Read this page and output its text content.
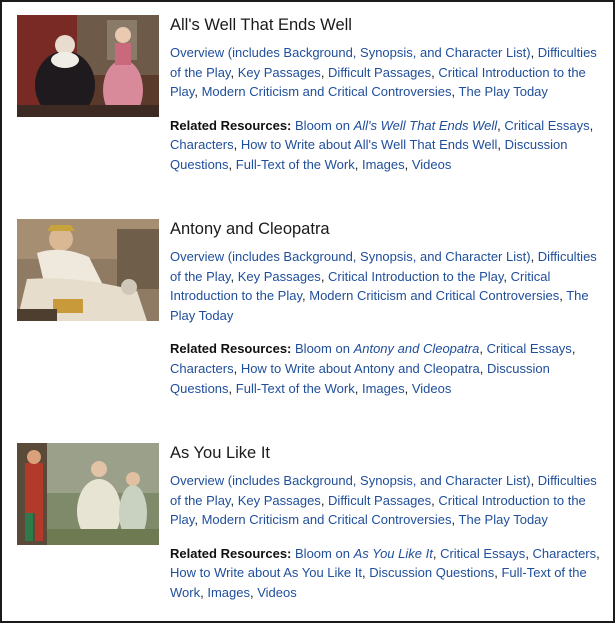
All's Well That Ends Well

Overview (includes Background, Synopsis, and Character List), Difficulties of the Play, Key Passages, Difficult Passages, Critical Introduction to the Play, Modern Criticism and Critical Controversies, The Play Today

Related Resources: Bloom on All's Well That Ends Well, Critical Essays, Characters, How to Write about All's Well That Ends Well, Discussion Questions, Full-Text of the Work, Images, Videos

Antony and Cleopatra

Overview (includes Background, Synopsis, and Character List), Difficulties of the Play, Key Passages, Critical Introduction to the Play, Critical Introduction to the Play, Modern Criticism and Critical Controversies, The Play Today

Related Resources: Bloom on Antony and Cleopatra, Critical Essays, Characters, How to Write about Antony and Cleopatra, Discussion Questions, Full-Text of the Work, Images, Videos

As You Like It

Overview (includes Background, Synopsis, and Character List), Difficulties of the Play, Key Passages, Difficult Passages, Critical Introduction to the Play, Modern Criticism and Critical Controversies, The Play Today

Related Resources: Bloom on As You Like It, Critical Essays, Characters, How to Write about As You Like It, Discussion Questions, Full-Text of the Work, Images, Videos
